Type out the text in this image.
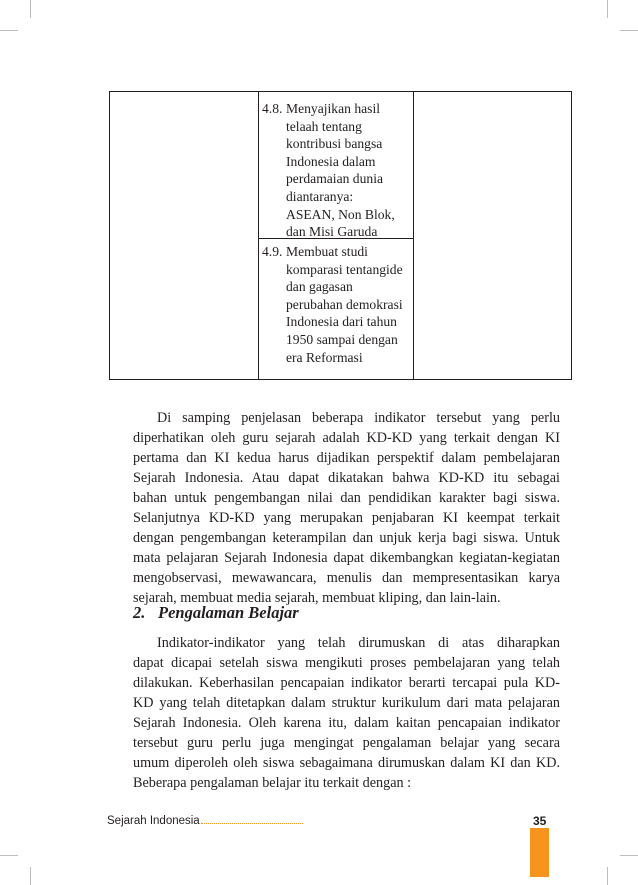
4.8. Menyajikan hasil
telaah tentang
kontribusi bangsa
Indonesia dalam
perdamaian dunia
diantaranya:
ASEAN, Non Blok,
dan Misi Garuda
4.9. Membuat studi
komparasi tentangide
dan gagasan
perubahan demokrasi
Indonesia dari tahun
1950 sampai dengan
era Reformasi
Di samping penjelasan beberapa indikator tersebut yang perlu
diperhatikan oleh guru sejarah adalah KD-KD yang terkait dengan KI
pertama dan KI kedua harus dijadikan perspektif dalam pembelajaran
Sejarah Indonesia. Atau dapat dikatakan bahwa KD-KD itu sebagai
bahan untuk pengembangan nilai dan pendidikan karakter bagi siswa.
Selanjutnya KD-KD yang merupakan penjabaran KI keempat terkait
dengan pengembangan keterampilan dan unjuk kerja bagi siswa. Untuk
mata pelajaran Sejarah Indonesia dapat dikembangkan kegiatan-kegiatan
mengobservasi, mewawancara, menulis dan mempresentasikan karya
sejarah, membuat media sejarah, membuat kliping, dan lain-lain.
2. Pengalaman Belajar
Indikator-indikator yang telah dirumuskan di atas diharapkan
dapat dicapai setelah siswa mengikuti proses pembelajaran yang telah
dilakukan. Keberhasilan pencapaian indikator berarti tercapai pula KD-
KD yang telah ditetapkan dalam struktur kurikulum dari mata pelajaran
Sejarah Indonesia. Oleh karena itu, dalam kaitan pencapaian indikator
tersebut guru perlu juga mengingat pengalaman belajar yang secara
umum diperoleh oleh siswa sebagaimana dirumuskan dalam KI dan KD.
Beberapa pengalaman belajar itu terkait dengan :
Sejarah Indonesia	35
